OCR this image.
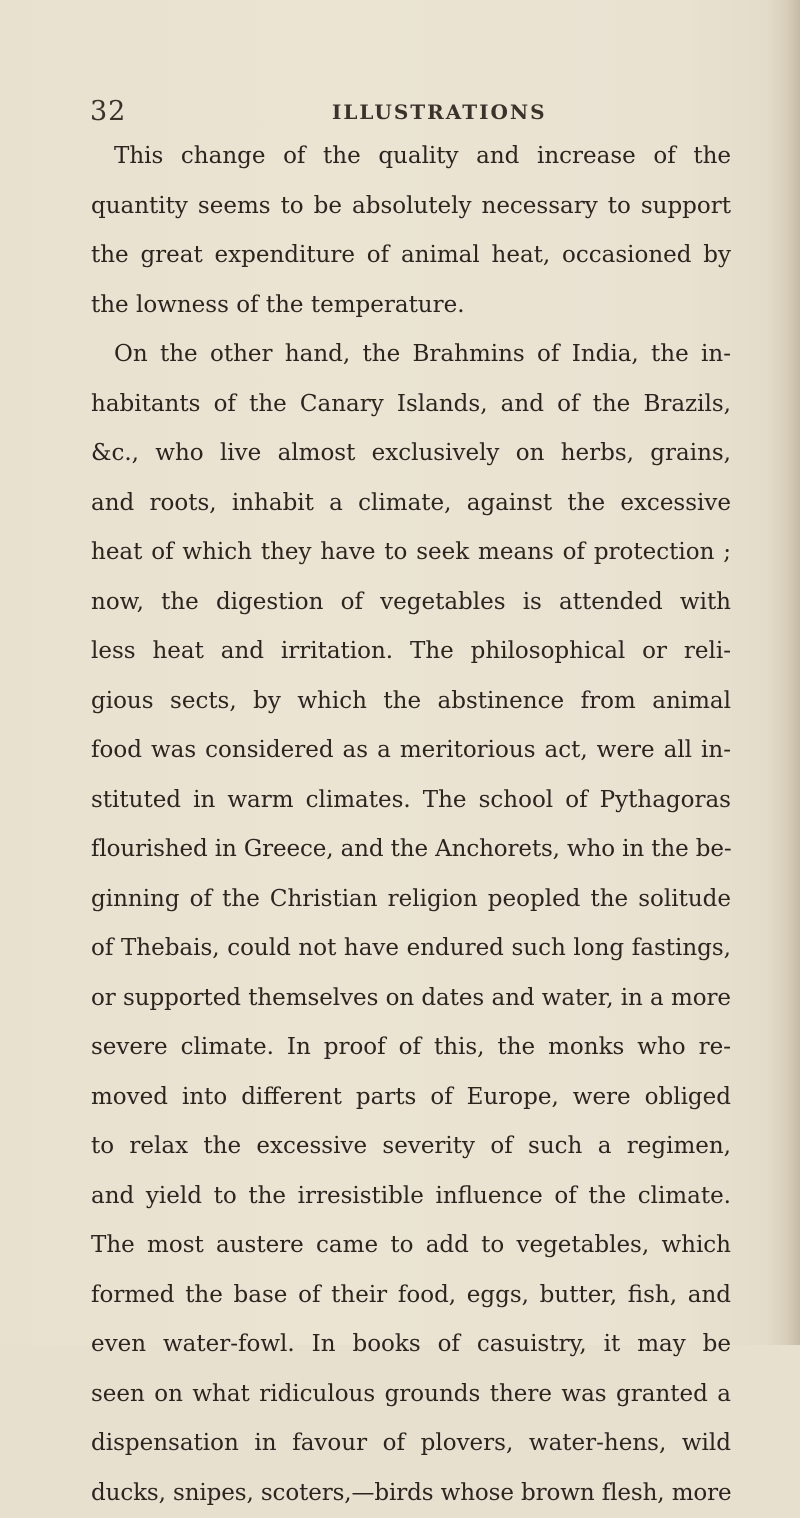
32	ILLUSTRATIONS
 This change of the quality and increase of the
quantity seems to be absolutely necessary to support
the great expenditure of animal heat, occasioned by
the lowness of the temperature.
 On the other hand, the Brahmins of India, the in-
habitants of the Canary Islands, and of the Brazils,
&c., who live almost exclusively on herbs, grains,
and roots, inhabit a climate, against the excessive
heat of which they have to seek means of protection ;
now, the digestion of vegetables is attended with
less heat and irritation. The philosophical or reli-
gious sects, by which the abstinence from animal
food was considered as a meritorious act, were all in-
stituted in warm climates. The school of Pythagoras
flourished in Greece, and the Anchorets, who in the be-
ginning of the Christian religion peopled the solitude
of Thebais, could not have endured such long fastings,
or supported themselves on dates and water, in a more
severe climate. In proof of this, the monks who re-
moved into different parts of Europe, were obliged
to relax the excessive severity of such a regimen,
and yield to the irresistible influence of the climate.
The most austere came to add to vegetables, which
formed the base of their food, eggs, butter, fish, and
even water-fowl. In books of casuistry, it may be
seen on what ridiculous grounds there was granted a
dispensation in favour of plovers, water-hens, wild
ducks, snipes, scoters,—birds whose brown flesh, more
